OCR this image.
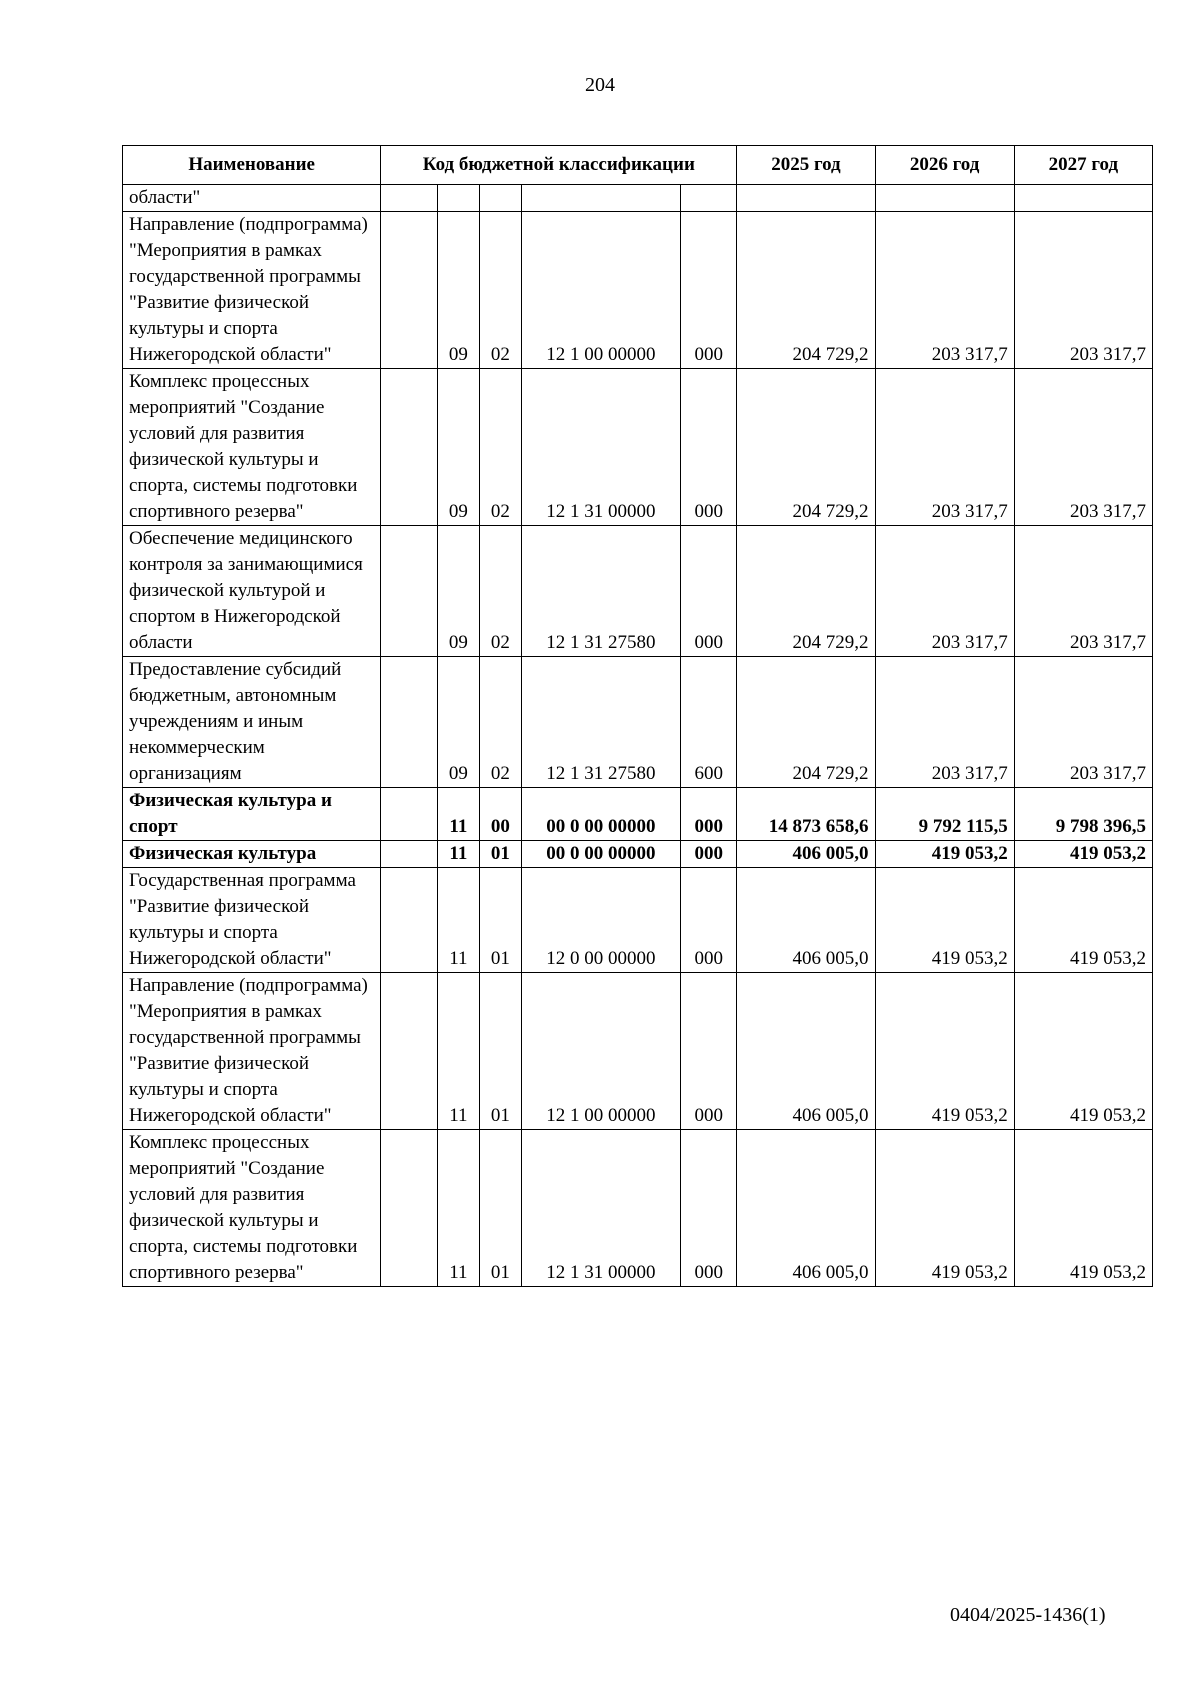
204
Наименование	Код бюджетной классификации					2025 год	2026 год	2027 год
области"								
Направление (подпрограмма) "Мероприятия в рамках государственной программы "Развитие физической культуры и спорта Нижегородской области"		09	02	12 1 00 00000	000	204 729,2	203 317,7	203 317,7
Комплекс процессных мероприятий "Создание условий для развития физической культуры и спорта, системы подготовки спортивного резерва"		09	02	12 1 31 00000	000	204 729,2	203 317,7	203 317,7
Обеспечение медицинского контроля за занимающимися физической культурой и спортом в Нижегородской области		09	02	12 1 31 27580	000	204 729,2	203 317,7	203 317,7
Предоставление субсидий бюджетным, автономным учреждениям и иным некоммерческим организациям		09	02	12 1 31 27580	600	204 729,2	203 317,7	203 317,7
Физическая культура и спорт		11	00	00 0 00 00000	000	14 873 658,6	9 792 115,5	9 798 396,5
Физическая культура		11	01	00 0 00 00000	000	406 005,0	419 053,2	419 053,2
Государственная программа "Развитие физической культуры и спорта Нижегородской области"		11	01	12 0 00 00000	000	406 005,0	419 053,2	419 053,2
Направление (подпрограмма) "Мероприятия в рамках государственной программы "Развитие физической культуры и спорта Нижегородской области"		11	01	12 1 00 00000	000	406 005,0	419 053,2	419 053,2
Комплекс процессных мероприятий "Создание условий для развития физической культуры и спорта, системы подготовки спортивного резерва"		11	01	12 1 31 00000	000	406 005,0	419 053,2	419 053,2
0404/2025-1436(1)
